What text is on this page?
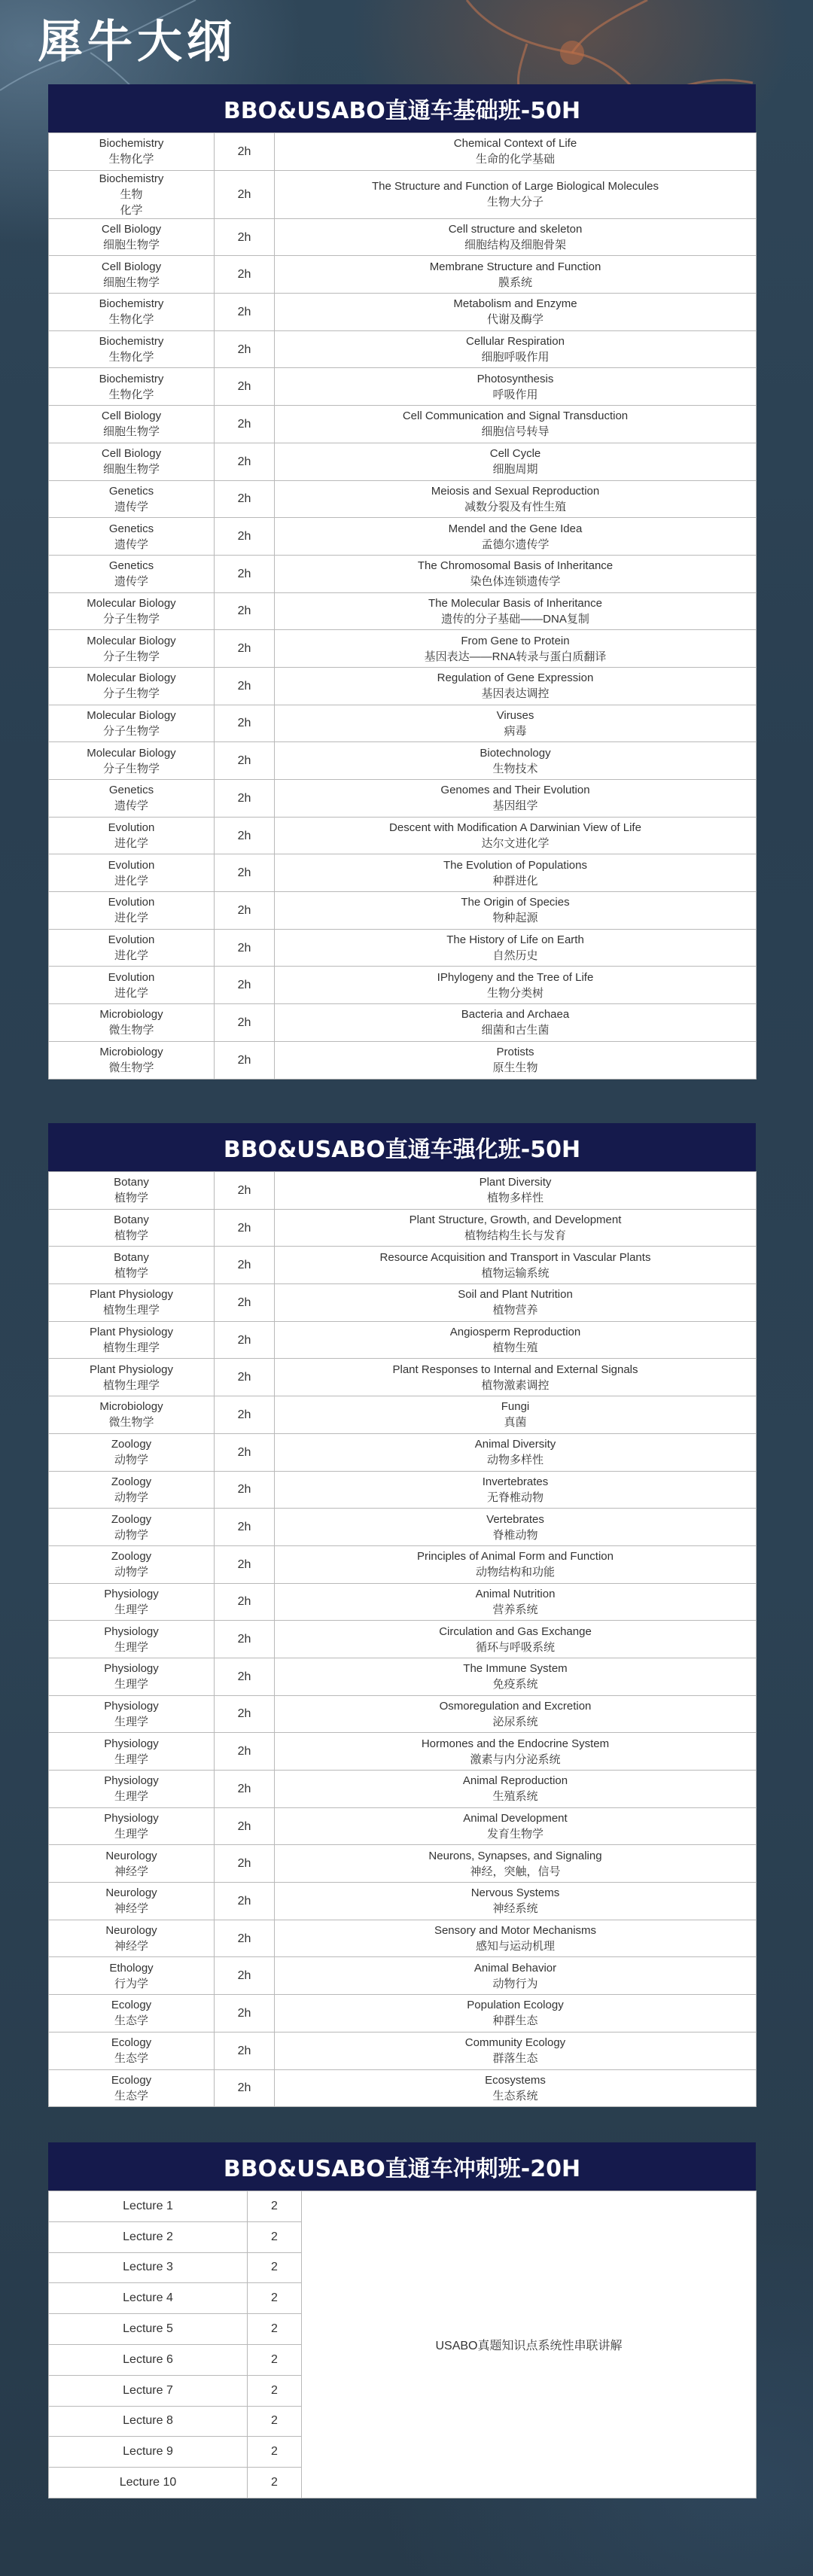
犀牛大纲
BBO&USABO直通车基础班-50H
Biochemistry
生物化学	2h	Chemical Context of Life
生命的化学基础

Biochemistry
生物
化学	2h	The Structure and Function of Large Biological Molecules
生物大分子

Cell Biology
细胞生物学	2h	Cell structure and skeleton
细胞结构及细胞骨架

Cell Biology
细胞生物学	2h	Membrane Structure and Function
膜系统

Biochemistry
生物化学	2h	Metabolism and Enzyme
代谢及酶学

Biochemistry
生物化学	2h	Cellular Respiration
细胞呼吸作用

Biochemistry
生物化学	2h	Photosynthesis
呼吸作用

Cell Biology
细胞生物学	2h	Cell Communication and Signal Transduction
细胞信号转导

Cell Biology
细胞生物学	2h	Cell Cycle
细胞周期

Genetics
遗传学	2h	Meiosis and Sexual Reproduction
减数分裂及有性生殖

Genetics
遗传学	2h	Mendel and the Gene Idea
孟德尔遗传学

Genetics
遗传学	2h	The Chromosomal Basis of Inheritance
染色体连锁遗传学

Molecular Biology
分子生物学	2h	The Molecular Basis of Inheritance
遗传的分子基础——DNA复制

Molecular Biology
分子生物学	2h	From Gene to Protein
基因表达——RNA转录与蛋白质翻译

Molecular Biology
分子生物学	2h	Regulation of Gene Expression
基因表达调控

Molecular Biology
分子生物学	2h	Viruses
病毒

Molecular Biology
分子生物学	2h	Biotechnology
生物技术

Genetics
遗传学	2h	Genomes and Their Evolution
基因组学

Evolution
进化学	2h	Descent with Modification A Darwinian View of Life
达尔文进化学

Evolution
进化学	2h	The Evolution of Populations
种群进化

Evolution
进化学	2h	The Origin of Species
物种起源

Evolution
进化学	2h	The History of Life on Earth
自然历史

Evolution
进化学	2h	IPhylogeny and the Tree of Life
生物分类树

Microbiology
微生物学	2h	Bacteria and Archaea
细菌和古生菌

Microbiology
微生物学	2h	Protists
原生生物
BBO&USABO直通车强化班-50H
Botany
植物学	2h	Plant Diversity
植物多样性

Botany
植物学	2h	Plant Structure, Growth, and Development
植物结构生长与发育

Botany
植物学	2h	Resource Acquisition and Transport in Vascular Plants
植物运输系统

Plant Physiology
植物生理学	2h	Soil and Plant Nutrition
植物营养

Plant Physiology
植物生理学	2h	Angiosperm Reproduction
植物生殖

Plant Physiology
植物生理学	2h	Plant Responses to Internal and External Signals
植物激素调控

Microbiology
微生物学	2h	Fungi
真菌

Zoology
动物学	2h	Animal Diversity
动物多样性

Zoology
动物学	2h	Invertebrates
无脊椎动物

Zoology
动物学	2h	Vertebrates
脊椎动物

Zoology
动物学	2h	Principles of Animal Form and Function
动物结构和功能

Physiology
生理学	2h	Animal Nutrition
营养系统

Physiology
生理学	2h	Circulation and Gas Exchange
循环与呼吸系统

Physiology
生理学	2h	The Immune System
免疫系统

Physiology
生理学	2h	Osmoregulation and Excretion
泌尿系统

Physiology
生理学	2h	Hormones and the Endocrine System
激素与内分泌系统

Physiology
生理学	2h	Animal Reproduction
生殖系统

Physiology
生理学	2h	Animal Development
发育生物学

Neurology
神经学	2h	Neurons, Synapses, and Signaling
神经，突触，信号

Neurology
神经学	2h	Nervous Systems
神经系统

Neurology
神经学	2h	Sensory and Motor Mechanisms
感知与运动机理

Ethology
行为学	2h	Animal Behavior
动物行为

Ecology
生态学	2h	Population Ecology
种群生态

Ecology
生态学	2h	Community Ecology
群落生态

Ecology
生态学	2h	Ecosystems
生态系统
BBO&USABO直通车冲刺班-20H
Lecture 1	2	USABO真题知识点系统性串联讲解
Lecture 2	2	
Lecture 3	2	
Lecture 4	2	
Lecture 5	2	
Lecture 6	2	
Lecture 7	2	
Lecture 8	2	
Lecture 9	2	
Lecture 10	2	
